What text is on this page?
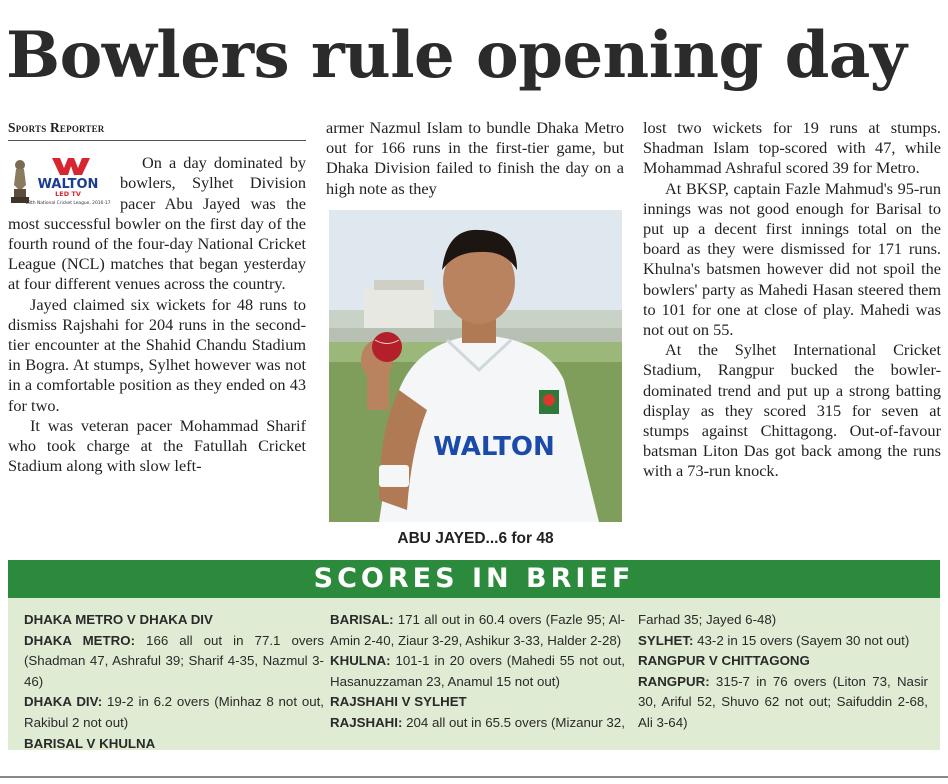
Bowlers rule opening day
Sports Reporter
WALTON
LED TV
18th National Cricket League, 2016-17

On a day dominated by bowlers, Sylhet Division pacer Abu Jayed was the most successful bowler on the first day of the fourth round of the four-day National Cricket League (NCL) matches that began yesterday at four different venues across the country.

Jayed claimed six wickets for 48 runs to dismiss Rajshahi for 204 runs in the second-tier encounter at the Shahid Chandu Stadium in Bogra. At stumps, Sylhet however was not in a comfortable position as they ended on 43 for two.

It was veteran pacer Mohammad Sharif who took charge at the Fatullah Cricket Stadium along with slow left-

armer Nazmul Islam to bundle Dhaka Metro out for 166 runs in the first-tier game, but Dhaka Division failed to finish the day on a high note as they

WALTON
ABU JAYED...6 for 48

lost two wickets for 19 runs at stumps. Shadman Islam top-scored with 47, while Mohammad Ashraful scored 39 for Metro.

At BKSP, captain Fazle Mahmud's 95-run innings was not good enough for Barisal to put up a decent first innings total on the board as they were dismissed for 171 runs. Khulna's batsmen however did not spoil the bowlers' party as Mahedi Hasan steered them to 101 for one at close of play. Mahedi was not out on 55.

At the Sylhet International Cricket Stadium, Rangpur bucked the bowler-dominated trend and put up a strong batting display as they scored 315 for seven at stumps against Chittagong. Out-of-favour batsman Liton Das got back among the runs with a 73-run knock.

SCORES IN BRIEF

DHAKA METRO V DHAKA DIV

DHAKA METRO: 166 all out in 77.1 overs (Shadman 47, Ashraful 39; Sharif 4-35, Nazmul 3-46)

DHAKA DIV: 19-2 in 6.2 overs (Minhaz 8 not out, Rakibul 2 not out)

BARISAL V KHULNA

BARISAL: 171 all out in 60.4 overs (Fazle 95; Al-Amin 2-40, Ziaur 3-29, Ashikur 3-33, Halder 2-28)

KHULNA: 101-1 in 20 overs (Mahedi 55 not out, Hasanuzzaman 23, Anamul 15 not out)

RAJSHAHI V SYLHET

RAJSHAHI: 204 all out in 65.5 overs (Mizanur 32,

Farhad 35; Jayed 6-48)

SYLHET: 43-2 in 15 overs (Sayem 30 not out)

RANGPUR V CHITTAGONG

RANGPUR: 315-7 in 76 overs (Liton 73, Nasir 30, Ariful 52, Shuvo 62 not out; Saifuddin 2-68, Ali 3-64)
